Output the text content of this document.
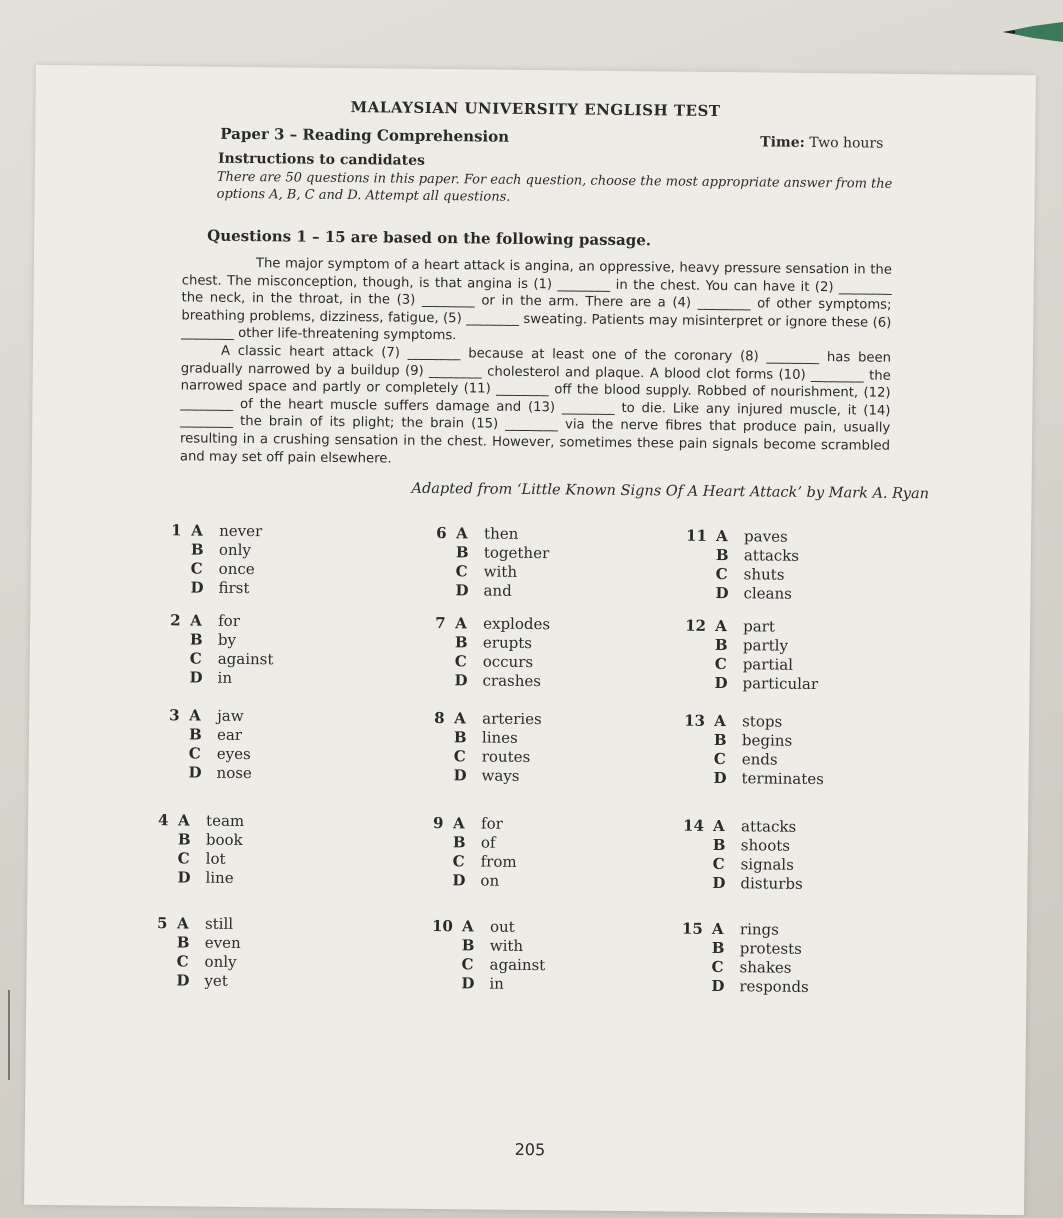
MALAYSIAN UNIVERSITY ENGLISH TEST
Paper 3 – Reading Comprehension	Time: Two hours
Instructions to candidates
There are 50 questions in this paper. For each question, choose the most appropriate answer from the options A, B, C and D. Attempt all questions.
Questions 1 – 15 are based on the following passage.

The major symptom of a heart attack is angina, an oppressive, heavy pressure sensation in the chest. The misconception, though, is that angina is (1) ________ in the chest. You can have it (2) ________ the neck, in the throat, in the (3) ________ or in the arm. There are a (4) ________ of other symptoms; breathing problems, dizziness, fatigue, (5) ________ sweating. Patients may misinterpret or ignore these (6) ________ other life-threatening symptoms.

A classic heart attack (7) ________ because at least one of the coronary (8) ________ has been gradually narrowed by a buildup (9) ________ cholesterol and plaque. A blood clot forms (10) ________ the narrowed space and partly or completely (11) ________ off the blood supply. Robbed of nourishment, (12) ________ of the heart muscle suffers damage and (13) ________ to die. Like any injured muscle, it (14) ________ the brain of its plight; the brain (15) ________ via the nerve fibres that produce pain, usually resulting in a crushing sensation in the chest. However, sometimes these pain signals become scrambled and may set off pain elsewhere.

Adapted from ‘Little Known Signs Of A Heart Attack’ by Mark A. Ryan
1 A never
B only
C once
D first
2 A for
B by
C against
D in
3 A jaw
B ear
C eyes
D nose
4 A team
B book
C lot
D line
5 A still
B even
C only
D yet
6 A then
B together
C with
D and
7 A explodes
B erupts
C occurs
D crashes
8 A arteries
B lines
C routes
D ways
9 A for
B of
C from
D on
10 A out
B with
C against
D in
11 A paves
B attacks
C shuts
D cleans
12 A part
B partly
C partial
D particular
13 A stops
B begins
C ends
D terminates
14 A attacks
B shoots
C signals
D disturbs
15 A rings
B protests
C shakes
D responds
205
